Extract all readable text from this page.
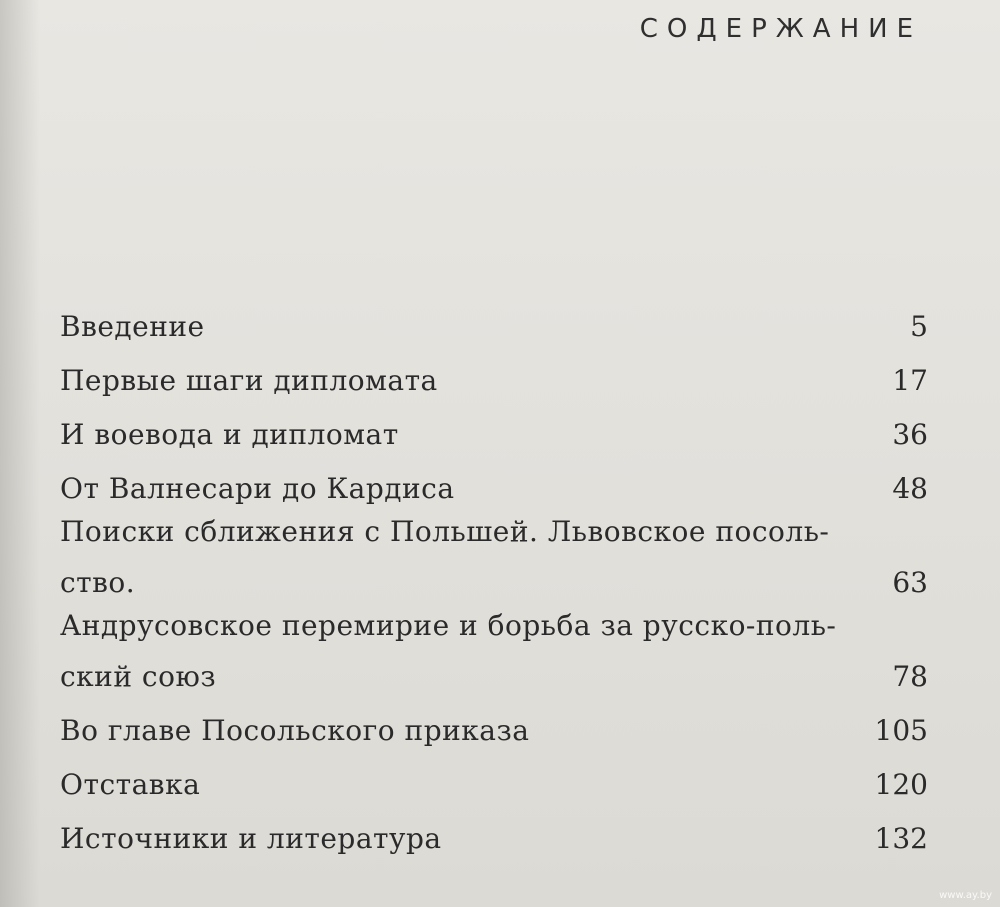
СОДЕРЖАНИЕ
Введение	5
Первые шаги дипломата	17
И воевода и дипломат	36
От Валнесари до Кардиса	48
Поиски сближения с Польшей. Львовское посоль-
ство.	63
Андрусовское перемирие и борьба за русско-поль-
ский союз	78
Во главе Посольского приказа	105
Отставка	120
Источники и литература	132
www.ay.by
